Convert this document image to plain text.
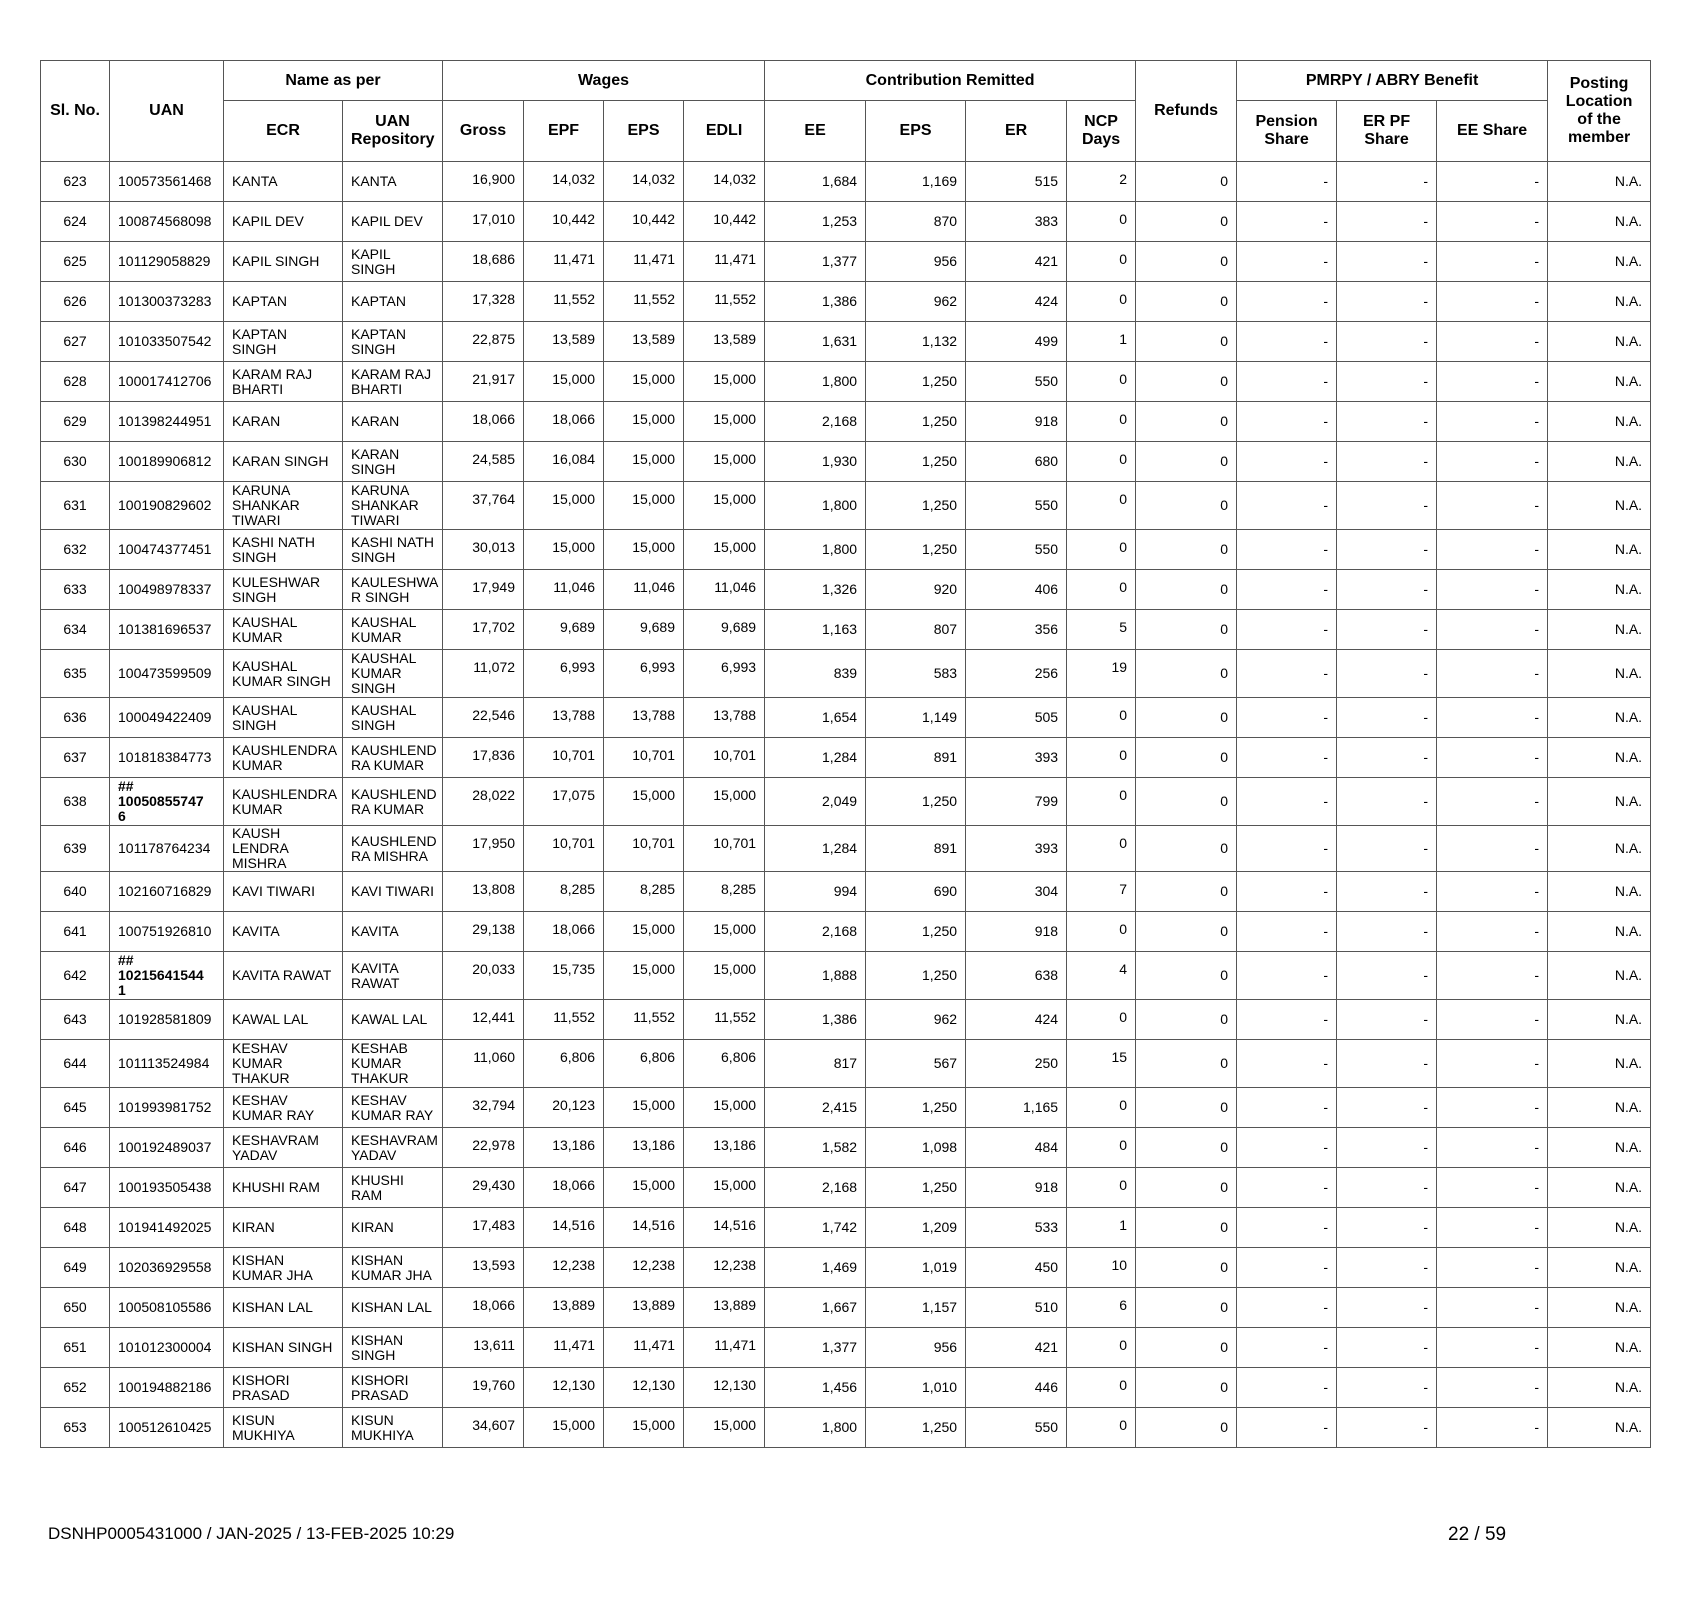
Sl. No.	UAN	Name as per		Wages				Contribution Remitted				Refunds	PMRPY / ABRY Benefit			Posting Location of the member
		ECR	UAN Repository	Gross	EPF	EPS	EDLI	EE	EPS	ER	NCP Days		Pension Share	ER PF Share	EE Share	
623	100573561468	KANTA	KANTA	16,900	14,032	14,032	14,032	1,684	1,169	515	2	0	-	-	-	N.A.
624	100874568098	KAPIL DEV	KAPIL DEV	17,010	10,442	10,442	10,442	1,253	870	383	0	0	-	-	-	N.A.
625	101129058829	KAPIL SINGH	KAPIL SINGH	18,686	11,471	11,471	11,471	1,377	956	421	0	0	-	-	-	N.A.
626	101300373283	KAPTAN	KAPTAN	17,328	11,552	11,552	11,552	1,386	962	424	0	0	-	-	-	N.A.
627	101033507542	KAPTAN SINGH	KAPTAN SINGH	22,875	13,589	13,589	13,589	1,631	1,132	499	1	0	-	-	-	N.A.
628	100017412706	KARAM RAJ BHARTI	KARAM RAJ BHARTI	21,917	15,000	15,000	15,000	1,800	1,250	550	0	0	-	-	-	N.A.
629	101398244951	KARAN	KARAN	18,066	18,066	15,000	15,000	2,168	1,250	918	0	0	-	-	-	N.A.
630	100189906812	KARAN SINGH	KARAN SINGH	24,585	16,084	15,000	15,000	1,930	1,250	680	0	0	-	-	-	N.A.
631	100190829602	KARUNA SHANKAR TIWARI	KARUNA SHANKAR TIWARI	37,764	15,000	15,000	15,000	1,800	1,250	550	0	0	-	-	-	N.A.
632	100474377451	KASHI NATH SINGH	KASHI NATH SINGH	30,013	15,000	15,000	15,000	1,800	1,250	550	0	0	-	-	-	N.A.
633	100498978337	KULESHWAR SINGH	KAULESHWA R SINGH	17,949	11,046	11,046	11,046	1,326	920	406	0	0	-	-	-	N.A.
634	101381696537	KAUSHAL KUMAR	KAUSHAL KUMAR	17,702	9,689	9,689	9,689	1,163	807	356	5	0	-	-	-	N.A.
635	100473599509	KAUSHAL KUMAR SINGH	KAUSHAL KUMAR SINGH	11,072	6,993	6,993	6,993	839	583	256	19	0	-	-	-	N.A.
636	100049422409	KAUSHAL SINGH	KAUSHAL SINGH	22,546	13,788	13,788	13,788	1,654	1,149	505	0	0	-	-	-	N.A.
637	101818384773	KAUSHLENDRA KUMAR	KAUSHLEND RA KUMAR	17,836	10,701	10,701	10,701	1,284	891	393	0	0	-	-	-	N.A.
638	## 10050855747 6	KAUSHLENDRA KUMAR	KAUSHLEND RA KUMAR	28,022	17,075	15,000	15,000	2,049	1,250	799	0	0	-	-	-	N.A.
639	101178764234	KAUSH LENDRA MISHRA	KAUSHLEND RA MISHRA	17,950	10,701	10,701	10,701	1,284	891	393	0	0	-	-	-	N.A.
640	102160716829	KAVI TIWARI	KAVI TIWARI	13,808	8,285	8,285	8,285	994	690	304	7	0	-	-	-	N.A.
641	100751926810	KAVITA	KAVITA	29,138	18,066	15,000	15,000	2,168	1,250	918	0	0	-	-	-	N.A.
642	## 10215641544 1	KAVITA RAWAT	KAVITA RAWAT	20,033	15,735	15,000	15,000	1,888	1,250	638	4	0	-	-	-	N.A.
643	101928581809	KAWAL LAL	KAWAL LAL	12,441	11,552	11,552	11,552	1,386	962	424	0	0	-	-	-	N.A.
644	101113524984	KESHAV KUMAR THAKUR	KESHAB KUMAR THAKUR	11,060	6,806	6,806	6,806	817	567	250	15	0	-	-	-	N.A.
645	101993981752	KESHAV KUMAR RAY	KESHAV KUMAR RAY	32,794	20,123	15,000	15,000	2,415	1,250	1,165	0	0	-	-	-	N.A.
646	100192489037	KESHAVRAM YADAV	KESHAVRAM YADAV	22,978	13,186	13,186	13,186	1,582	1,098	484	0	0	-	-	-	N.A.
647	100193505438	KHUSHI RAM	KHUSHI RAM	29,430	18,066	15,000	15,000	2,168	1,250	918	0	0	-	-	-	N.A.
648	101941492025	KIRAN	KIRAN	17,483	14,516	14,516	14,516	1,742	1,209	533	1	0	-	-	-	N.A.
649	102036929558	KISHAN KUMAR JHA	KISHAN KUMAR JHA	13,593	12,238	12,238	12,238	1,469	1,019	450	10	0	-	-	-	N.A.
650	100508105586	KISHAN LAL	KISHAN LAL	18,066	13,889	13,889	13,889	1,667	1,157	510	6	0	-	-	-	N.A.
651	101012300004	KISHAN SINGH	KISHAN SINGH	13,611	11,471	11,471	11,471	1,377	956	421	0	0	-	-	-	N.A.
652	100194882186	KISHORI PRASAD	KISHORI PRASAD	19,760	12,130	12,130	12,130	1,456	1,010	446	0	0	-	-	-	N.A.
653	100512610425	KISUN MUKHIYA	KISUN MUKHIYA	34,607	15,000	15,000	15,000	1,800	1,250	550	0	0	-	-	-	N.A.
DSNHP0005431000 / JAN-2025 / 13-FEB-2025 10:29	22 / 59
